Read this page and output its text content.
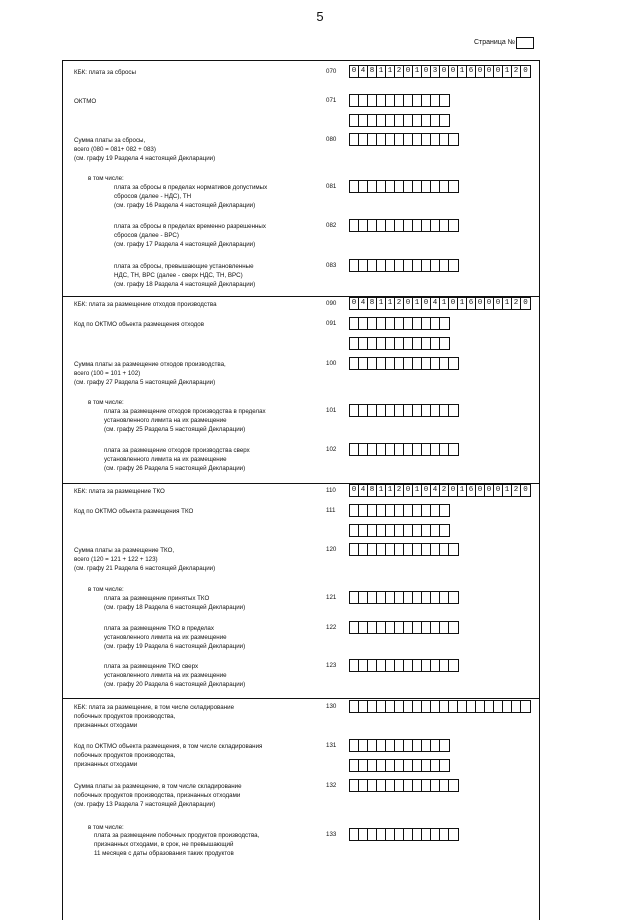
5
Страница №
КБК: плата за сбросы	070 0 4 8 1 1 2 0 1 0 3 0 0 1 6 0 0 0 1 2 0
ОКТМО	071
Сумма платы за сбросы,
всего (080 = 081+ 082 + 083)
(см. графу 19 Раздела 4 настоящей Декларации)
080
в том числе:
плата за сбросы в пределах нормативов допустимых
сбросов (далее - НДС), ТН
(см. графу 16 Раздела 4 настоящей Декларации)
081
плата за сбросы в пределах временно разрешенных
сбросов (далее - ВРС)
(см. графу 17 Раздела 4 настоящей Декларации)
082
плата за сбросы, превышающие установленные
НДС, ТН, ВРС (далее - сверх НДС, ТН, ВРС)
(см. графу 18 Раздела 4 настоящей Декларации)
083
КБК: плата за размещение отходов производства	090 0 4 8 1 1 2 0 1 0 4 1 0 1 6 0 0 0 1 2 0
Код по ОКТМО объекта размещения отходов	091
Сумма платы за размещение отходов производства,
всего (100 = 101 + 102)
(см. графу 27 Раздела 5 настоящей Декларации)
100
в том числе:
плата за размещение отходов производства в пределах
установленного лимита на их размещение
(см. графу 25 Раздела 5 настоящей Декларации)
101
плата за размещение отходов производства сверх
установленного лимита на их размещение
(см. графу 26 Раздела 5 настоящей Декларации)
102
КБК: плата за размещение ТКО	110 0 4 8 1 1 2 0 1 0 4 2 0 1 6 0 0 0 1 2 0
Код по ОКТМО объекта размещения ТКО	111
Сумма платы за размещение ТКО,
всего (120 = 121 + 122 + 123)
(см. графу 21 Раздела 6 настоящей Декларации)
120
в том числе:
плата за размещение принятых ТКО
(см. графу 18 Раздела 6 настоящей Декларации)
121
плата за размещение ТКО в пределах
установленного лимита на их размещение
(см. графу 19 Раздела 6 настоящей Декларации)
122
плата за размещение ТКО сверх
установленного лимита на их размещение
(см. графу 20 Раздела 6 настоящей Декларации)
123
КБК: плата за размещение, в том числе складирование
побочных продуктов производства,
признанных отходами
130
Код по ОКТМО объекта размещения, в том числе складирования
побочных продуктов производства,
признанных отходами
131
Сумма платы за размещение, в том числе складирование
побочных продуктов производства, признанных отходами
(см. графу 13 Раздела 7 настоящей Декларации)
132
в том числе:
плата за размещение побочных продуктов производства,
признанных отходами, в срок, не превышающий
11 месяцев с даты образования таких продуктов
133
